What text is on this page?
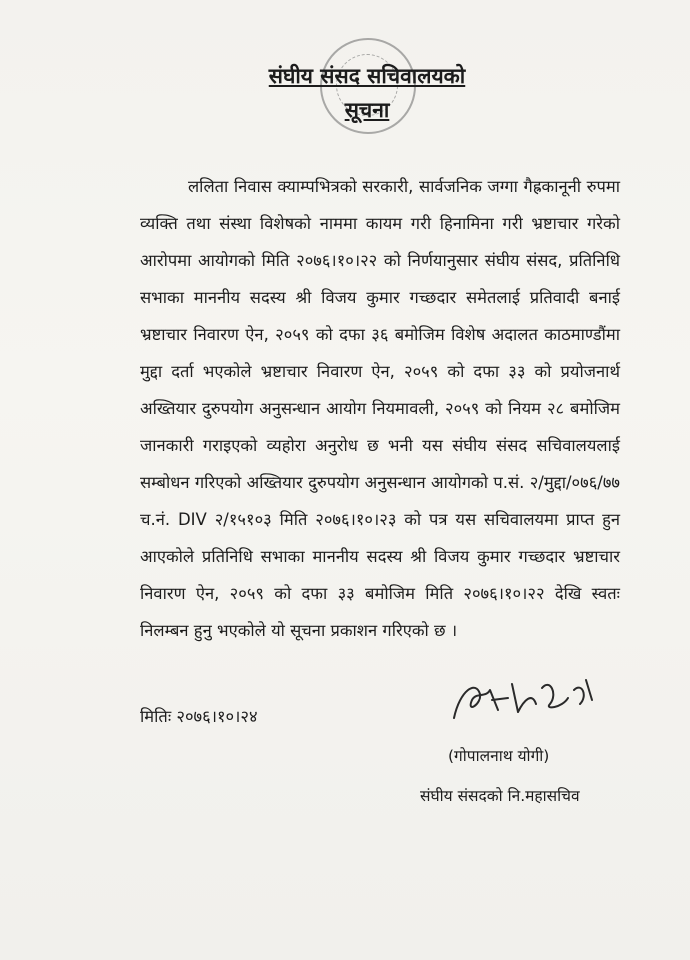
संघीय संसद सचिवालयको
सूचना

ललिता निवास क्याम्पभित्रको सरकारी, सार्वजनिक जग्गा गैह्रकानूनी रुपमा व्यक्ति तथा संस्था विशेषको नाममा कायम गरी हिनामिना गरी भ्रष्टाचार गरेको आरोपमा आयोगको मिति २०७६।१०।२२ को निर्णयानुसार संघीय संसद, प्रतिनिधि सभाका माननीय सदस्य श्री विजय कुमार गच्छदार समेतलाई प्रतिवादी बनाई भ्रष्टाचार निवारण ऐन, २०५९ को दफा ३६ बमोजिम विशेष अदालत काठमाण्डौंमा मुद्दा दर्ता भएकोले भ्रष्टाचार निवारण ऐन, २०५९ को दफा ३३ को प्रयोजनार्थ अख्तियार दुरुपयोग अनुसन्धान आयोग नियमावली, २०५९ को नियम २८ बमोजिम जानकारी गराइएको व्यहोरा अनुरोध छ भनी यस संघीय संसद सचिवालयलाई सम्बोधन गरिएको अख्तियार दुरुपयोग अनुसन्धान आयोगको प.सं. २/मुद्दा/०७६/७७ च.नं. DIV २/१५१०३ मिति २०७६।१०।२३ को पत्र यस सचिवालयमा प्राप्त हुन आएकोले प्रतिनिधि सभाका माननीय सदस्य श्री विजय कुमार गच्छदार भ्रष्टाचार निवारण ऐन, २०५९ को दफा ३३ बमोजिम मिति २०७६।१०।२२ देखि स्वतः निलम्बन हुनु भएकोले यो सूचना प्रकाशन गरिएको छ ।

मितिः २०७६।१०।२४
(गोपालनाथ योगी)
संघीय संसदको नि.महासचिव
